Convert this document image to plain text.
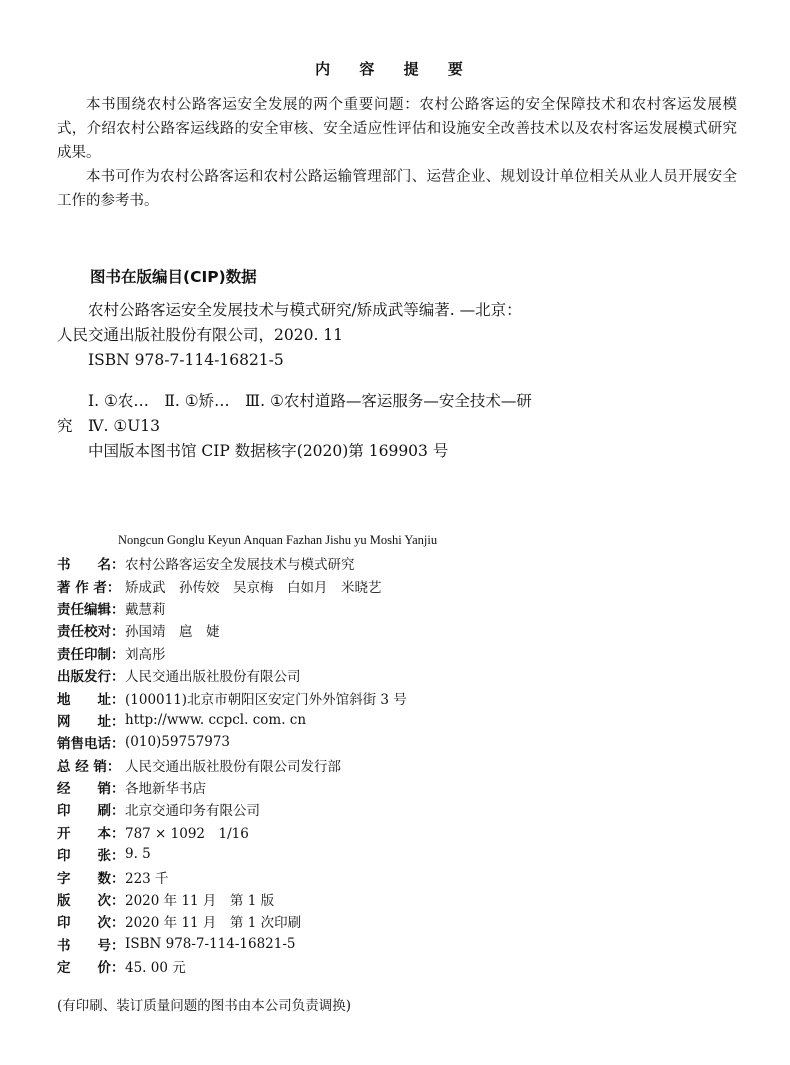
内 容 提 要

本书围绕农村公路客运安全发展的两个重要问题：农村公路客运的安全保障技术和农村客运发展模式，介绍农村公路客运线路的安全审核、安全适应性评估和设施安全改善技术以及农村客运发展模式研究成果。

本书可作为农村公路客运和农村公路运输管理部门、运营企业、规划设计单位相关从业人员开展安全工作的参考书。

图书在版编目(CIP)数据

农村公路客运安全发展技术与模式研究/矫成武等编著. —北京：人民交通出版社股份有限公司，2020. 11

ISBN 978-7-114-16821-5

Ⅰ. ①农…　Ⅱ. ①矫…　Ⅲ. ①农村道路—客运服务—安全技术—研究　Ⅳ. ①U13

中国版本图书馆 CIP 数据核字(2020)第 169903 号

Nongcun Gonglu Keyun Anquan Fazhan Jishu yu Moshi Yanjiu
书　　名： 农村公路客运安全发展技术与模式研究
著 作 者： 矫成武　孙传姣　吴京梅　白如月　米晓艺
责任编辑： 戴慧莉
责任校对： 孙国靖　扈　婕
责任印制： 刘高彤
出版发行： 人民交通出版社股份有限公司
地　　址： (100011)北京市朝阳区安定门外外馆斜街 3 号
网　　址： http://www. ccpcl. com. cn
销售电话： (010)59757973
总 经 销： 人民交通出版社股份有限公司发行部
经　　销： 各地新华书店
印　　刷： 北京交通印务有限公司
开　　本： 787 × 1092　1/16
印　　张： 9. 5
字　　数： 223 千
版　　次： 2020 年 11 月　第 1 版
印　　次： 2020 年 11 月　第 1 次印刷
书　　号： ISBN 978-7-114-16821-5
定　　价： 45. 00 元
(有印刷、装订质量问题的图书由本公司负责调换)
